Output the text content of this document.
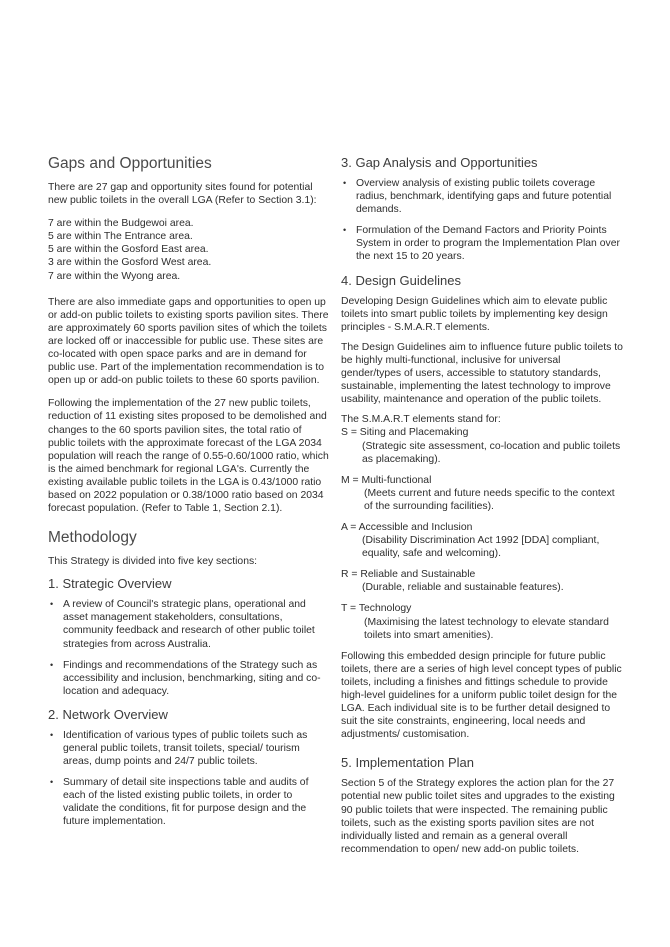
Gaps and Opportunities

There are 27 gap and opportunity sites found for potential new public toilets in the overall LGA (Refer to Section 3.1):

7 are within the Budgewoi area.
5 are within The Entrance area.
5 are within the Gosford East area.
3 are within the Gosford West area.
7 are within the Wyong area.

There are also immediate gaps and opportunities to open up or add-on public toilets to existing sports pavilion sites. There are approximately 60 sports pavilion sites of which the toilets are locked off or inaccessible for public use. These sites are co-located with open space parks and are in demand for public use. Part of the implementation recommendation is to open up or add-on public toilets to these 60 sports pavilion.

Following the implementation of the 27 new public toilets, reduction of 11 existing sites proposed to be demolished and changes to the 60 sports pavilion sites, the total ratio of public toilets with the approximate forecast of the LGA 2034 population will reach the range of 0.55-0.60/1000 ratio, which is the aimed benchmark for regional LGA's. Currently the existing available public toilets in the LGA is 0.43/1000 ratio based on 2022 population or 0.38/1000 ratio based on 2034 forecast population. (Refer to Table 1, Section 2.1).

Methodology

This Strategy is divided into five key sections:

1. Strategic Overview
• A review of Council's strategic plans, operational and asset management stakeholders, consultations, community feedback and research of other public toilet strategies from across Australia.
• Findings and recommendations of the Strategy such as accessibility and inclusion, benchmarking, siting and co-location and adequacy.
2. Network Overview
• Identification of various types of public toilets such as general public toilets, transit toilets, special/ tourism areas, dump points and 24/7 public toilets.
• Summary of detail site inspections table and audits of each of the listed existing public toilets, in order to validate the conditions, fit for purpose design and the future implementation.
3. Gap Analysis and Opportunities
• Overview analysis of existing public toilets coverage radius, benchmark, identifying gaps and future potential demands.
• Formulation of the Demand Factors and Priority Points System in order to program the Implementation Plan over the next 15 to 20 years.
4. Design Guidelines

Developing Design Guidelines which aim to elevate public toilets into smart public toilets by implementing key design principles - S.M.A.R.T elements.

The Design Guidelines aim to influence future public toilets to be highly multi-functional, inclusive for universal gender/types of users, accessible to statutory standards, sustainable, implementing the latest technology to improve usability, maintenance and operation of the public toilets.

The S.M.A.R.T elements stand for:

S = Siting and Placemaking
(Strategic site assessment, co-location and public toilets as placemaking).
M = Multi-functional
(Meets current and future needs specific to the context of the surrounding facilities).
A = Accessible and Inclusion
(Disability Discrimination Act 1992 [DDA] compliant, equality, safe and welcoming).
R = Reliable and Sustainable
(Durable, reliable and sustainable features).
T = Technology
(Maximising the latest technology to elevate standard toilets into smart amenities).

Following this embedded design principle for future public toilets, there are a series of high level concept types of public toilets, including a finishes and fittings schedule to provide high-level guidelines for a uniform public toilet design for the LGA. Each individual site is to be further detail designed to suit the site constraints, engineering, local needs and adjustments/ customisation.

5. Implementation Plan

Section 5 of the Strategy explores the action plan for the 27 potential new public toilet sites and upgrades to the existing 90 public toilets that were inspected. The remaining public toilets, such as the existing sports pavilion sites are not individually listed and remain as a general overall recommendation to open/ new add-on public toilets.
